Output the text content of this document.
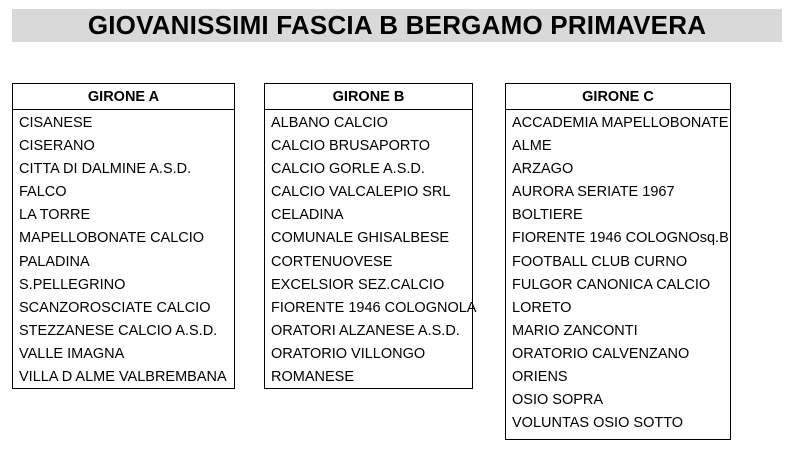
GIOVANISSIMI FASCIA B BERGAMO PRIMAVERA
GIRONE A
CISANESE
CISERANO
CITTA DI DALMINE A.S.D.
FALCO
LA TORRE
MAPELLOBONATE CALCIO
PALADINA
S.PELLEGRINO
SCANZOROSCIATE CALCIO
STEZZANESE CALCIO A.S.D.
VALLE IMAGNA
VILLA D ALME VALBREMBANA
GIRONE B
ALBANO CALCIO
CALCIO BRUSAPORTO
CALCIO GORLE A.S.D.
CALCIO VALCALEPIO SRL
CELADINA
COMUNALE GHISALBESE
CORTENUOVESE
EXCELSIOR SEZ.CALCIO
FIORENTE 1946 COLOGNOLA
ORATORI ALZANESE A.S.D.
ORATORIO VILLONGO
ROMANESE
GIRONE C
ACCADEMIA MAPELLOBONATE
ALME
ARZAGO
AURORA SERIATE 1967
BOLTIERE
FIORENTE 1946 COLOGNOsq.B
FOOTBALL CLUB CURNO
FULGOR CANONICA CALCIO
LORETO
MARIO ZANCONTI
ORATORIO CALVENZANO
ORIENS
OSIO SOPRA
VOLUNTAS OSIO SOTTO
